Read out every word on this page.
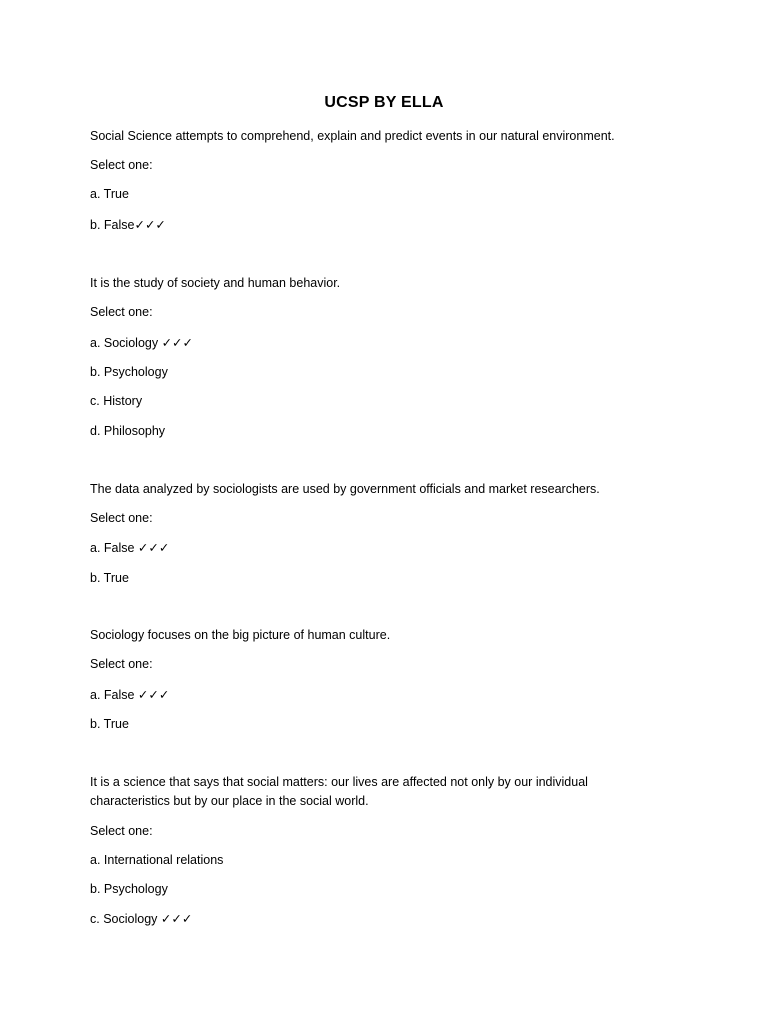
UCSP BY ELLA
Social Science attempts to comprehend, explain and predict events in our natural environment.
Select one:
a. True
b. False✓✓✓
It is the study of society and human behavior.
Select one:
a. Sociology ✓✓✓
b. Psychology
c. History
d. Philosophy
The data analyzed by sociologists are used by government officials and market researchers.
Select one:
a. False ✓✓✓
b. True
Sociology focuses on the big picture of human culture.
Select one:
a. False ✓✓✓
b. True
It is a science that says that social matters: our lives are affected not only by our individual
characteristics but by our place in the social world.
Select one:
a. International relations
b. Psychology
c. Sociology ✓✓✓
